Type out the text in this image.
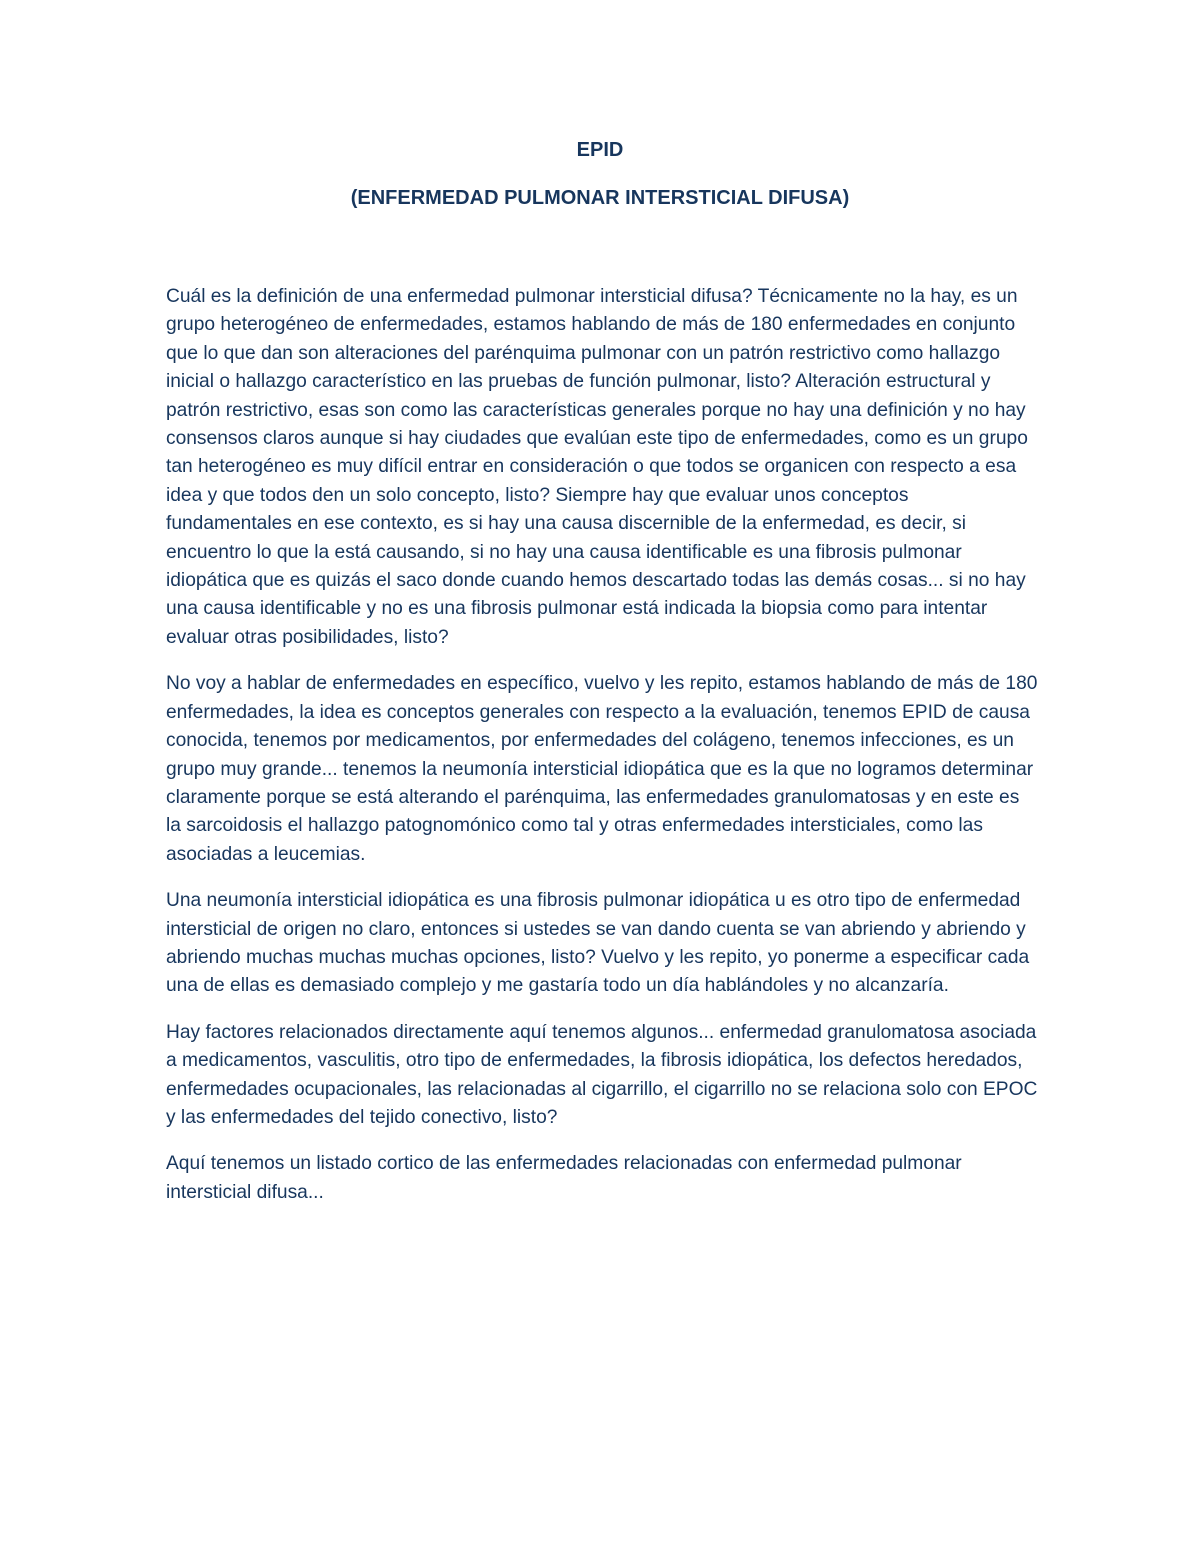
EPID
(ENFERMEDAD PULMONAR INTERSTICIAL DIFUSA)

Cuál es la definición de una enfermedad pulmonar intersticial difusa? Técnicamente no la hay, es un grupo heterogéneo de enfermedades, estamos hablando de más de 180 enfermedades en conjunto que lo que dan son alteraciones del parénquima pulmonar con un patrón restrictivo como hallazgo inicial o hallazgo característico en las pruebas de función pulmonar, listo? Alteración estructural y patrón restrictivo, esas son como las características generales porque no hay una definición y no hay consensos claros aunque si hay ciudades que evalúan este tipo de enfermedades, como es un grupo tan heterogéneo es muy difícil entrar en consideración o que todos se organicen con respecto a esa idea y que todos den un solo concepto, listo? Siempre hay que evaluar unos conceptos fundamentales en ese contexto, es si hay una causa discernible de la enfermedad, es decir, si encuentro lo que la está causando, si no hay una causa identificable es una fibrosis pulmonar idiopática que es quizás el saco donde cuando hemos descartado todas las demás cosas... si no hay una causa identificable y no es una fibrosis pulmonar está indicada la biopsia como para intentar evaluar otras posibilidades, listo?

No voy a hablar de enfermedades en específico, vuelvo y les repito, estamos hablando de más de 180 enfermedades, la idea es conceptos generales con respecto a la evaluación, tenemos EPID de causa conocida, tenemos por medicamentos, por enfermedades del colágeno, tenemos infecciones, es un grupo muy grande... tenemos la neumonía intersticial idiopática que es la que no logramos determinar claramente porque se está alterando el parénquima, las enfermedades granulomatosas y en este es la sarcoidosis el hallazgo patognomónico como tal y otras enfermedades intersticiales, como las asociadas a leucemias.

Una neumonía intersticial idiopática es una fibrosis pulmonar idiopática u es otro tipo de enfermedad intersticial de origen no claro, entonces si ustedes se van dando cuenta se van abriendo y abriendo y abriendo muchas muchas muchas opciones, listo? Vuelvo y les repito, yo ponerme a especificar cada una de ellas es demasiado complejo y me gastaría todo un día hablándoles y no alcanzaría.

Hay factores relacionados directamente aquí tenemos algunos... enfermedad granulomatosa asociada a medicamentos, vasculitis, otro tipo de enfermedades, la fibrosis idiopática, los defectos heredados, enfermedades ocupacionales, las relacionadas al cigarrillo, el cigarrillo no se relaciona solo con EPOC y las enfermedades del tejido conectivo, listo?

Aquí tenemos un listado cortico de las enfermedades relacionadas con enfermedad pulmonar intersticial difusa...
